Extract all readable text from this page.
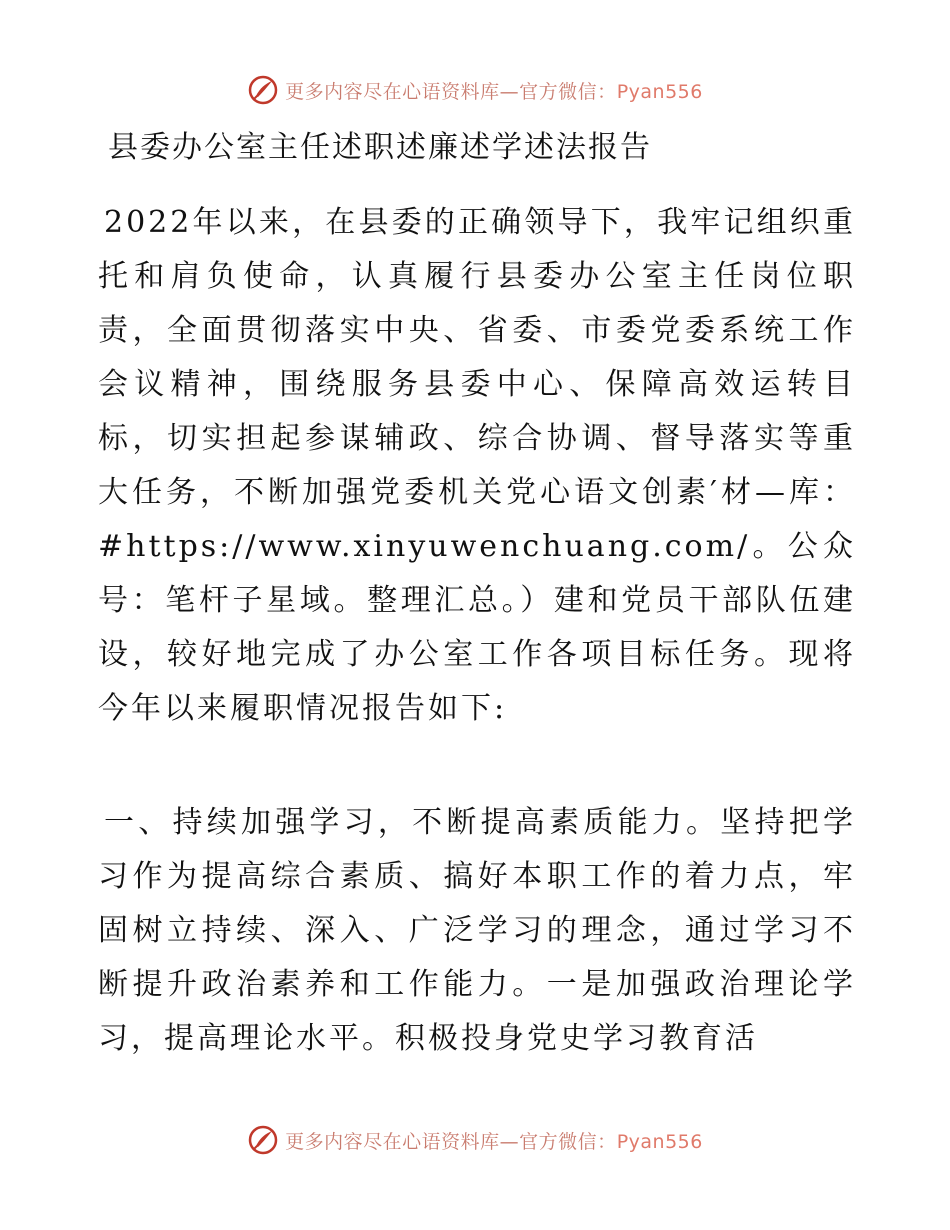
更多内容尽在心语资料库—官方微信：Pyan556
县委办公室主任述职述廉述学述法报告

2022年以来，在县委的正确领导下，我牢记组织重托和肩负使命，认真履行县委办公室主任岗位职责，全面贯彻落实中央、省委、市委党委系统工作会议精神，围绕服务县委中心、保障高效运转目标，切实担起参谋辅政、综合协调、督导落实等重大任务，不断加强党委机关党心语文创素′材—库：#https://www.xinyuwenchuang.com/。公众号：笔杆子星域。整理汇总。）建和党员干部队伍建设，较好地完成了办公室工作各项目标任务。现将今年以来履职情况报告如下:

一、持续加强学习，不断提高素质能力。坚持把学习作为提高综合素质、搞好本职工作的着力点，牢固树立持续、深入、广泛学习的理念，通过学习不断提升政治素养和工作能力。一是加强政治理论学习，提高理论水平。积极投身党史学习教育活

更多内容尽在心语资料库—官方微信：Pyan556
